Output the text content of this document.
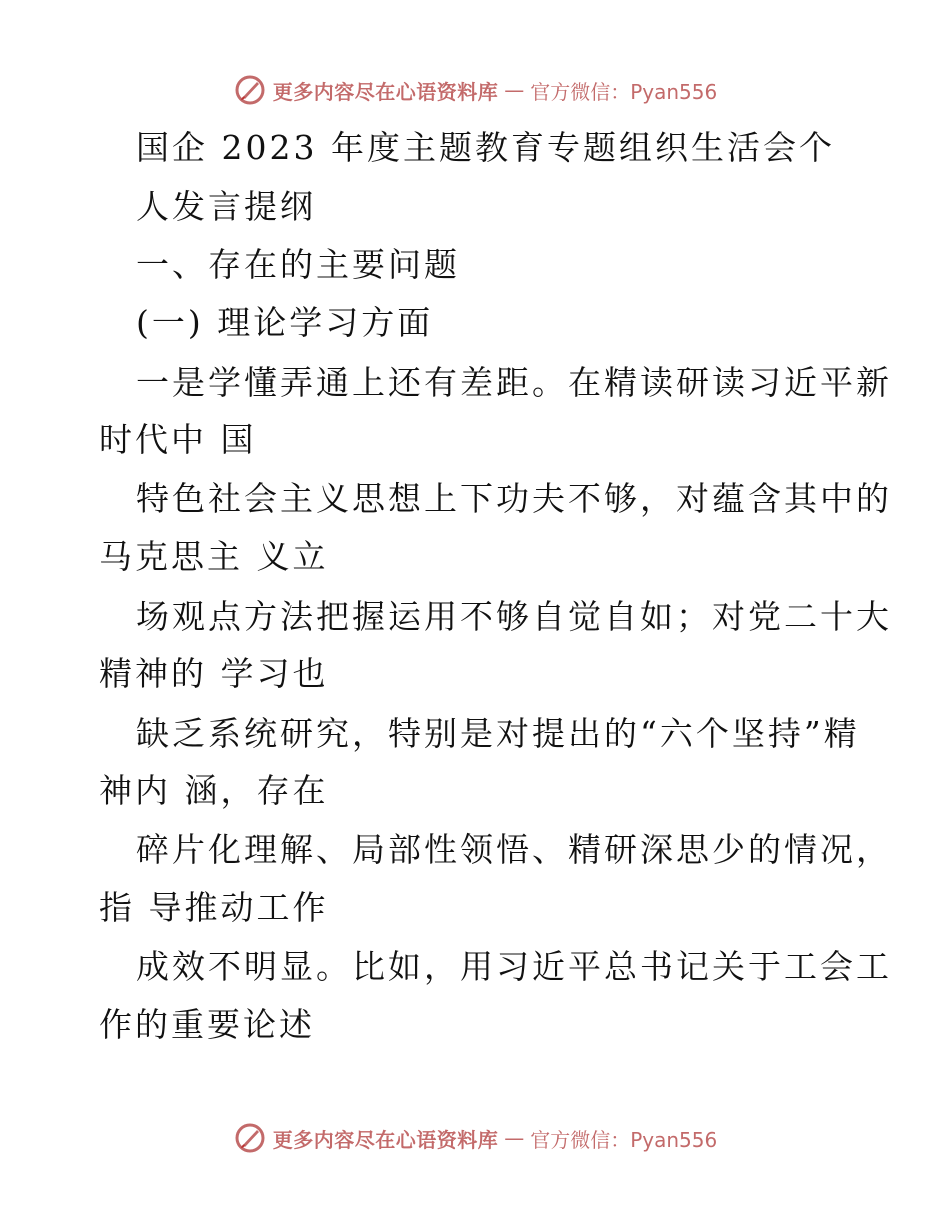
更多内容尽在心语资料库 — 官方微信：Pyan556
国企 2023 年度主题教育专题组织生活会个
人发言提纲
一、存在的主要问题
(一) 理论学习方面
一是学懂弄通上还有差距。在精读研读习近平新
时代中 国
特色社会主义思想上下功夫不够，对蕴含其中的
马克思主 义立
场观点方法把握运用不够自觉自如；对党二十大
精神的 学习也
缺乏系统研究，特别是对提出的“六个坚持”精
神内 涵，存在
碎片化理解、局部性领悟、精研深思少的情况，
指 导推动工作
成效不明显。比如，用习近平总书记关于工会工
作的重要论述
更多内容尽在心语资料库 — 官方微信：Pyan556
